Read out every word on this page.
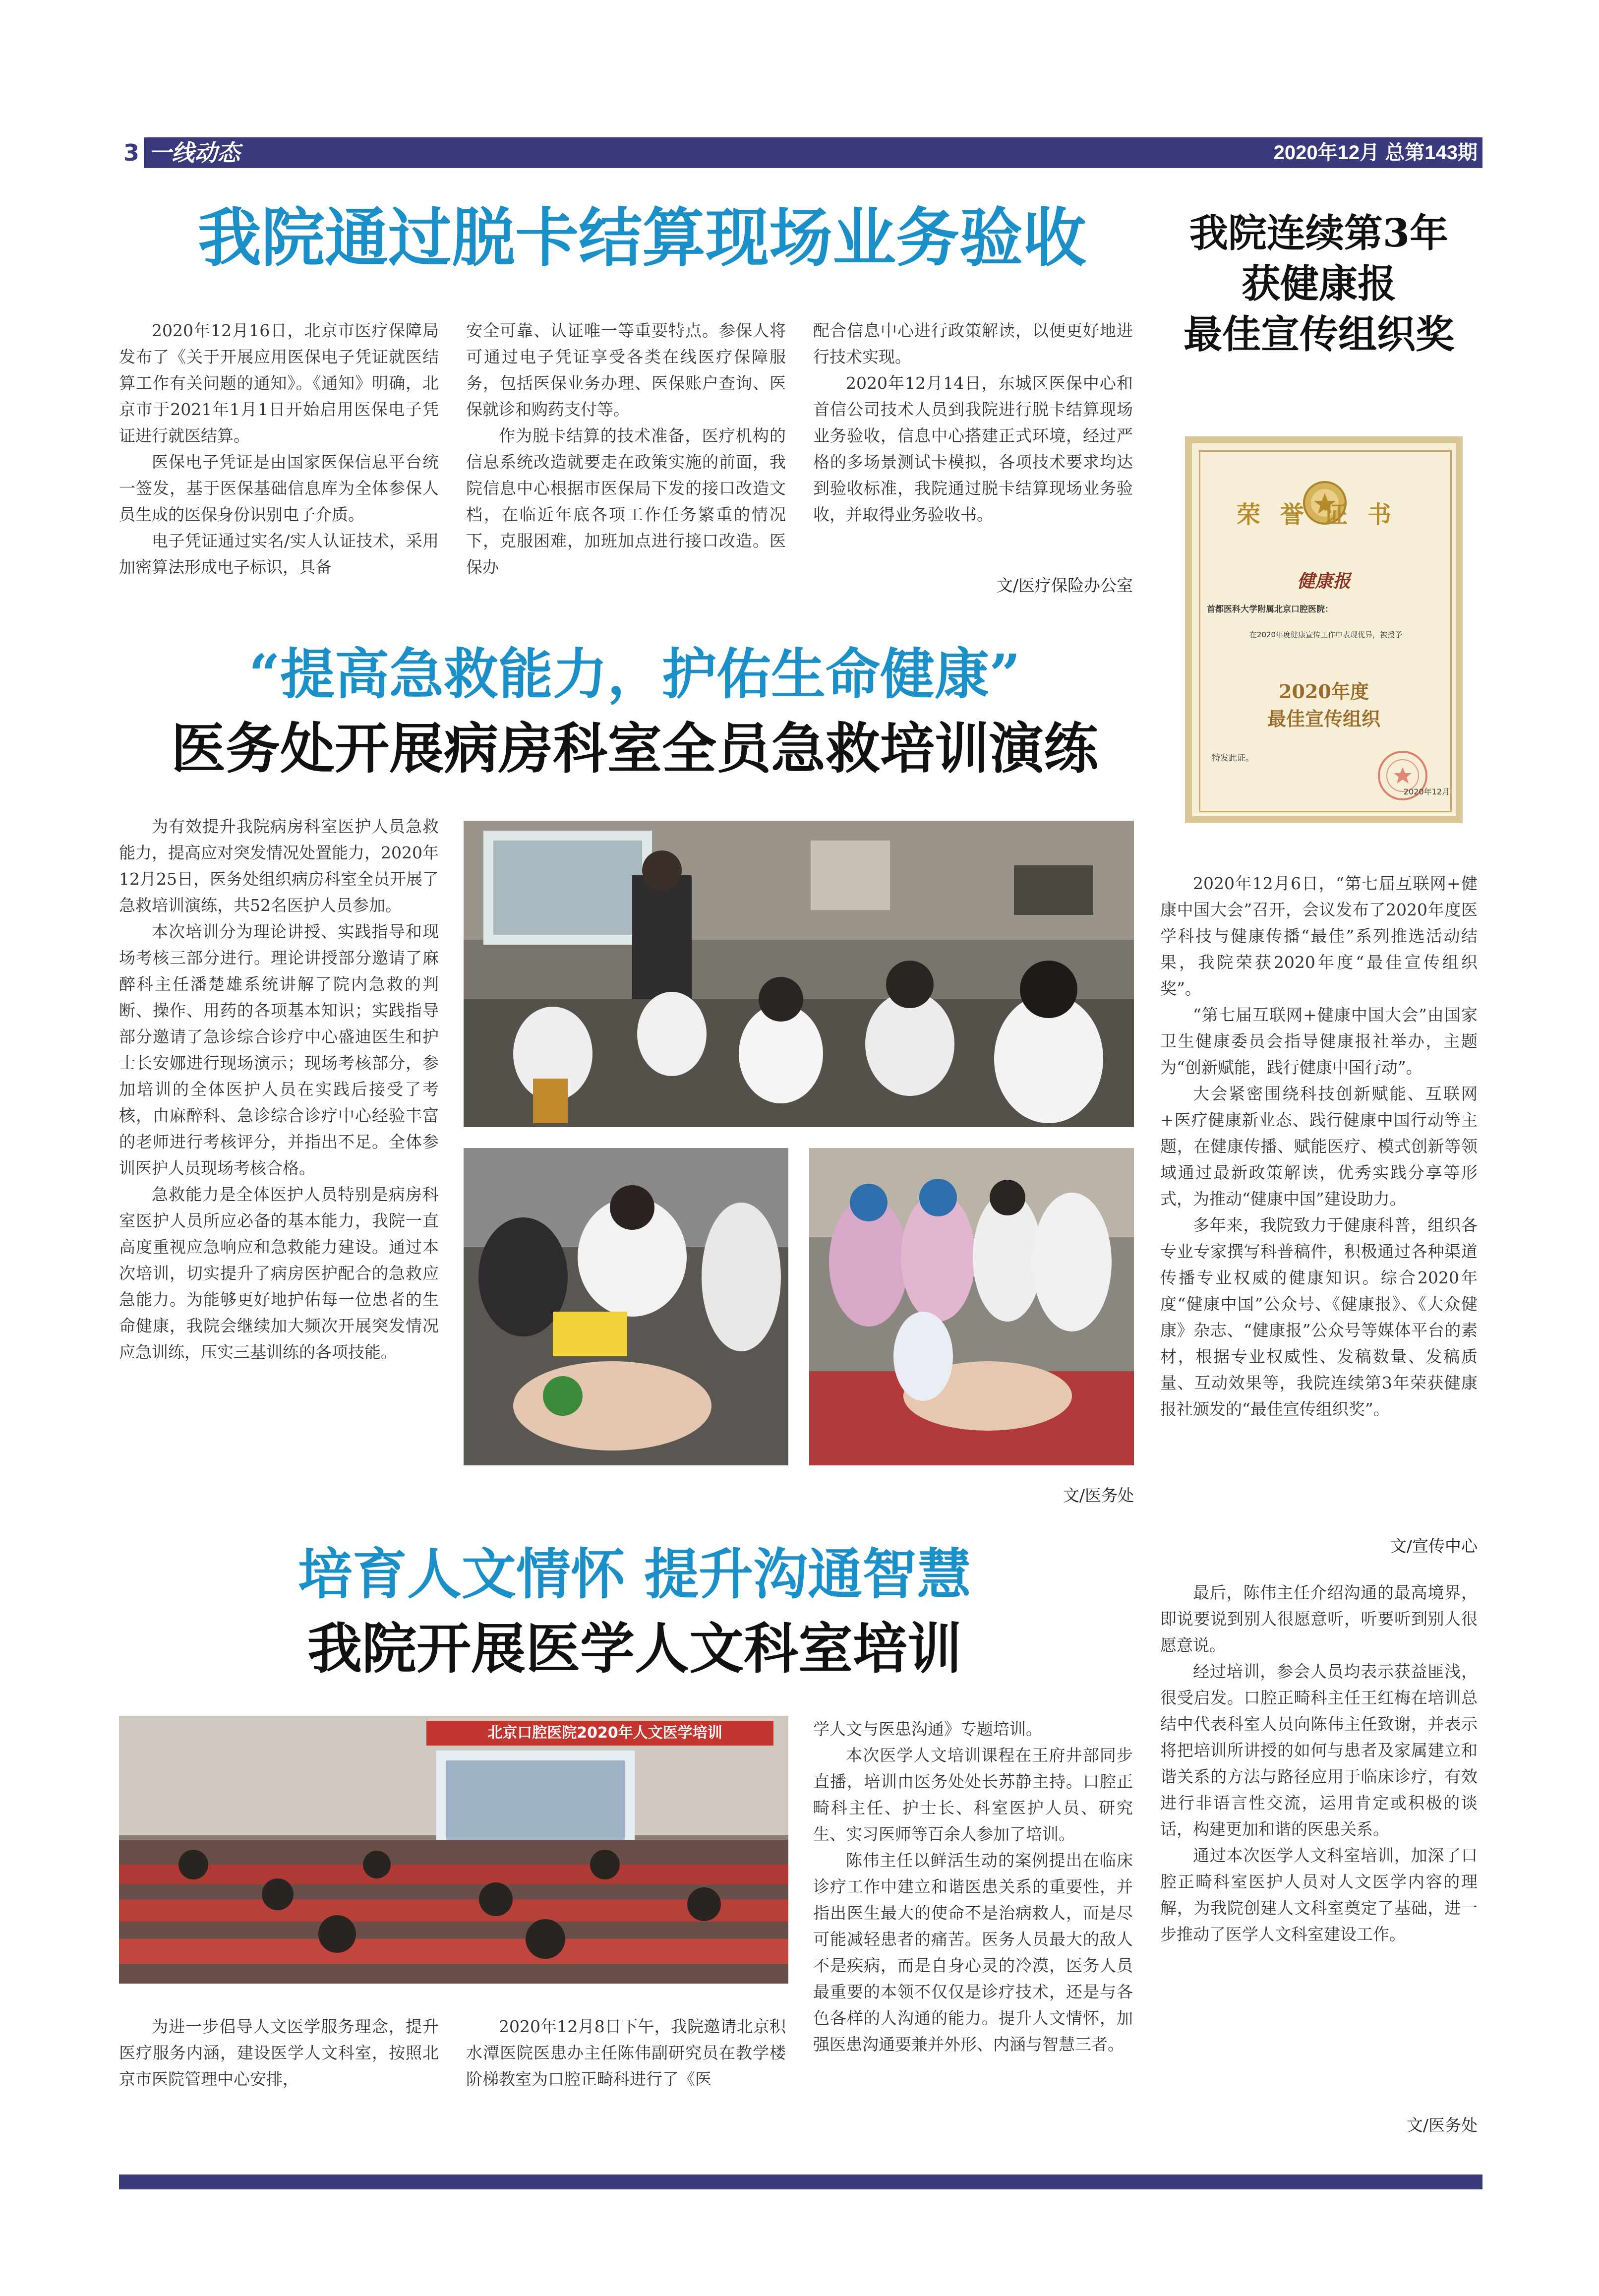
3 一线动态	2020年12月 总第143期
我院通过脱卡结算现场业务验收

2020年12月16日，北京市医疗保障局发布了《关于开展应用医保电子凭证就医结算工作有关问题的通知》。《通知》明确，北京市于2021年1月1日开始启用医保电子凭证进行就医结算。

医保电子凭证是由国家医保信息平台统一签发，基于医保基础信息库为全体参保人员生成的医保身份识别电子介质。

电子凭证通过实名/实人认证技术，采用加密算法形成电子标识，具备

安全可靠、认证唯一等重要特点。参保人将可通过电子凭证享受各类在线医疗保障服务，包括医保业务办理、医保账户查询、医保就诊和购药支付等。

作为脱卡结算的技术准备，医疗机构的信息系统改造就要走在政策实施的前面，我院信息中心根据市医保局下发的接口改造文档，在临近年底各项工作任务繁重的情况下，克服困难，加班加点进行接口改造。医保办

配合信息中心进行政策解读，以便更好地进行技术实现。

2020年12月14日，东城区医保中心和首信公司技术人员到我院进行脱卡结算现场业务验收，信息中心搭建正式环境，经过严格的多场景测试卡模拟，各项技术要求均达到验收标准，我院通过脱卡结算现场业务验收，并取得业务验收书。

文/医疗保险办公室
我院连续第3年
获健康报
最佳宣传组织奖
荣誉证书
健康报
首都医科大学附属北京口腔医院：
在2020年度健康宣传工作中表现优异，被授予
2020年度
最佳宣传组织
特发此证。
2020年12月

2020年12月6日，“第七届互联网+健康中国大会”召开，会议发布了2020年度医学科技与健康传播“最佳”系列推选活动结果，我院荣获2020年度“最佳宣传组织奖”。

“第七届互联网+健康中国大会”由国家卫生健康委员会指导健康报社举办，主题为“创新赋能，践行健康中国行动”。

大会紧密围绕科技创新赋能、互联网+医疗健康新业态、践行健康中国行动等主题，在健康传播、赋能医疗、模式创新等领域通过最新政策解读，优秀实践分享等形式，为推动“健康中国”建设助力。

多年来，我院致力于健康科普，组织各专业专家撰写科普稿件，积极通过各种渠道传播专业权威的健康知识。综合2020年度“健康中国”公众号、《健康报》、《大众健康》杂志、“健康报”公众号等媒体平台的素材，根据专业权威性、发稿数量、发稿质量、互动效果等，我院连续第3年荣获健康报社颁发的“最佳宣传组织奖”。

文/宣传中心
“提高急救能力，护佑生命健康”
医务处开展病房科室全员急救培训演练

为有效提升我院病房科室医护人员急救能力，提高应对突发情况处置能力，2020年12月25日，医务处组织病房科室全员开展了急救培训演练，共52名医护人员参加。

本次培训分为理论讲授、实践指导和现场考核三部分进行。理论讲授部分邀请了麻醉科主任潘楚雄系统讲解了院内急救的判断、操作、用药的各项基本知识；实践指导部分邀请了急诊综合诊疗中心盛迪医生和护士长安娜进行现场演示；现场考核部分，参加培训的全体医护人员在实践后接受了考核，由麻醉科、急诊综合诊疗中心经验丰富的老师进行考核评分，并指出不足。全体参训医护人员现场考核合格。

急救能力是全体医护人员特别是病房科室医护人员所应必备的基本能力，我院一直高度重视应急响应和急救能力建设。通过本次培训，切实提升了病房医护配合的急救应急能力。为能够更好地护佑每一位患者的生命健康，我院会继续加大频次开展突发情况应急训练，压实三基训练的各项技能。

文/医务处
培育人文情怀 提升沟通智慧
我院开展医学人文科室培训
北京口腔医院2020年人文医学培训

为进一步倡导人文医学服务理念，提升医疗服务内涵，建设医学人文科室，按照北京市医院管理中心安排，

2020年12月8日下午，我院邀请北京积水潭医院医患办主任陈伟副研究员在教学楼阶梯教室为口腔正畸科进行了《医

学人文与医患沟通》专题培训。

本次医学人文培训课程在王府井部同步直播，培训由医务处处长苏静主持。口腔正畸科主任、护士长、科室医护人员、研究生、实习医师等百余人参加了培训。

陈伟主任以鲜活生动的案例提出在临床诊疗工作中建立和谐医患关系的重要性，并指出医生最大的使命不是治病救人，而是尽可能减轻患者的痛苦。医务人员最大的敌人不是疾病，而是自身心灵的冷漠，医务人员最重要的本领不仅仅是诊疗技术，还是与各色各样的人沟通的能力。提升人文情怀，加强医患沟通要兼并外形、内涵与智慧三者。

最后，陈伟主任介绍沟通的最高境界，即说要说到别人很愿意听，听要听到别人很愿意说。

经过培训，参会人员均表示获益匪浅，很受启发。口腔正畸科主任王红梅在培训总结中代表科室人员向陈伟主任致谢，并表示将把培训所讲授的如何与患者及家属建立和谐关系的方法与路径应用于临床诊疗，有效进行非语言性交流，运用肯定或积极的谈话，构建更加和谐的医患关系。

通过本次医学人文科室培训，加深了口腔正畸科室医护人员对人文医学内容的理解，为我院创建人文科室奠定了基础，进一步推动了医学人文科室建设工作。

文/医务处
